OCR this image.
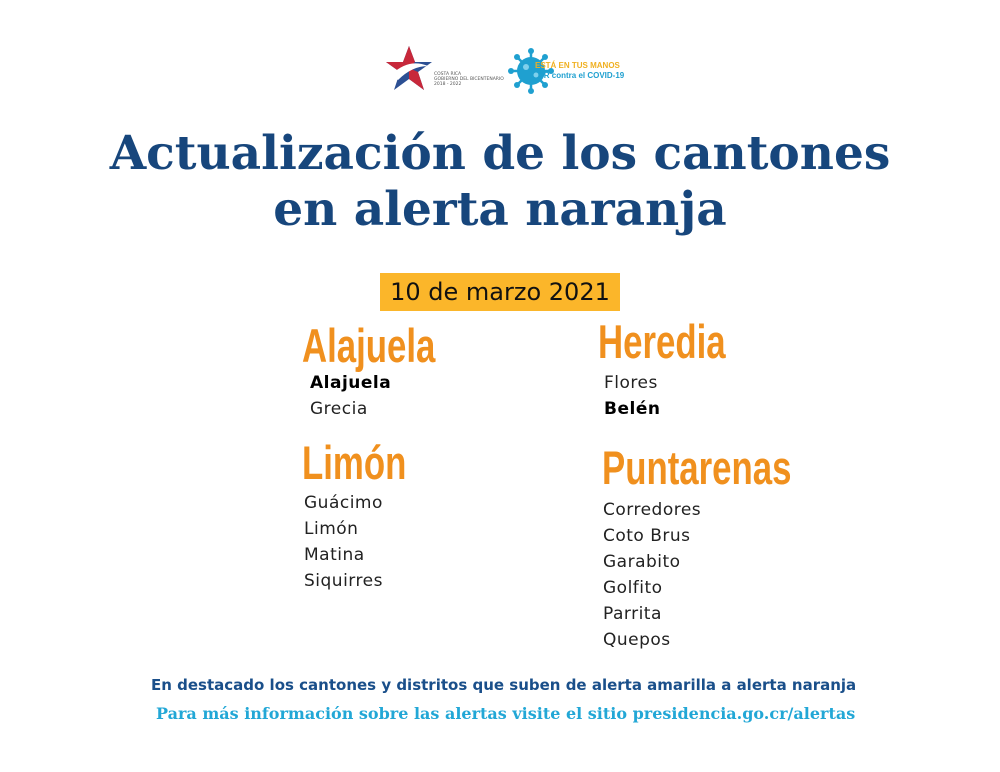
COSTA RICA
GOBIERNO DEL BICENTENARIO
2018 - 2022
ESTÁ EN TUS MANOS
CR contra el COVID-19
Actualización de los cantones
en alerta naranja
10 de marzo 2021
Alajuela
Alajuela
Grecia
Heredia
Flores
Belén
Limón
Guácimo
Limón
Matina
Siquirres
Puntarenas
Corredores
Coto Brus
Garabito
Golfito
Parrita
Quepos

En destacado los cantones y distritos que suben de alerta amarilla a alerta naranja

Para más información sobre las alertas visite el sitio presidencia.go.cr/alertas
